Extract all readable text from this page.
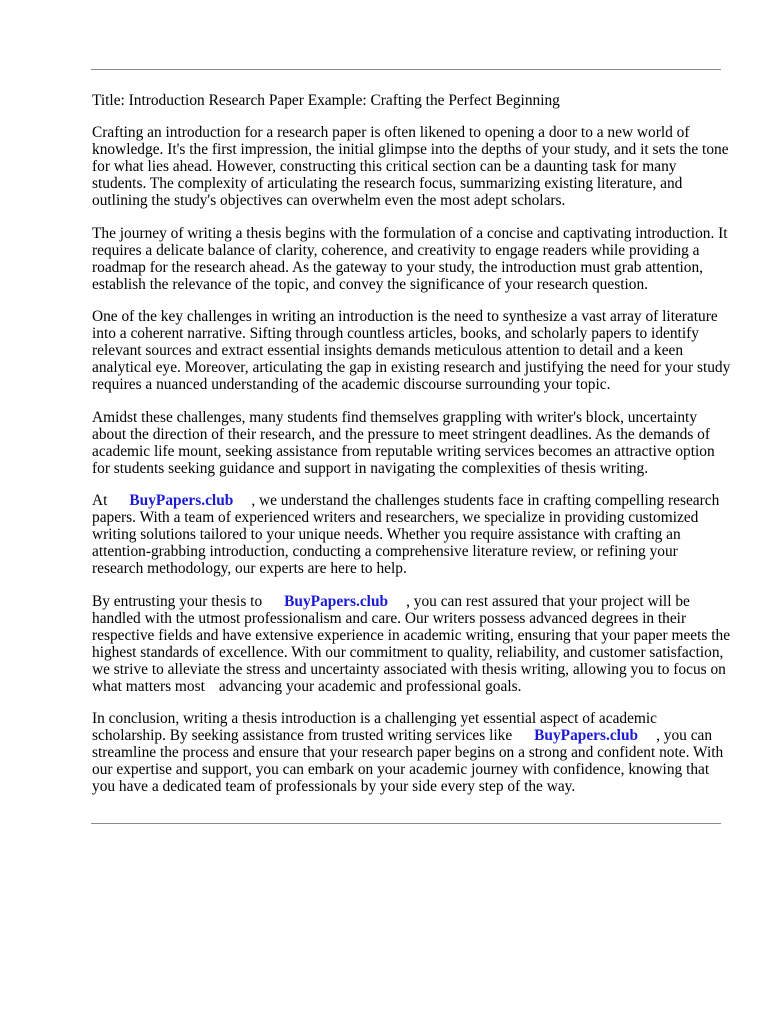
Title: Introduction Research Paper Example: Crafting the Perfect Beginning

Crafting an introduction for a research paper is often likened to opening a door to a new world of knowledge. It's the first impression, the initial glimpse into the depths of your study, and it sets the tone for what lies ahead. However, constructing this critical section can be a daunting task for many students. The complexity of articulating the research focus, summarizing existing literature, and outlining the study's objectives can overwhelm even the most adept scholars.

The journey of writing a thesis begins with the formulation of a concise and captivating introduction. It requires a delicate balance of clarity, coherence, and creativity to engage readers while providing a roadmap for the research ahead. As the gateway to your study, the introduction must grab attention, establish the relevance of the topic, and convey the significance of your research question.

One of the key challenges in writing an introduction is the need to synthesize a vast array of literature into a coherent narrative. Sifting through countless articles, books, and scholarly papers to identify relevant sources and extract essential insights demands meticulous attention to detail and a keen analytical eye. Moreover, articulating the gap in existing research and justifying the need for your study requires a nuanced understanding of the academic discourse surrounding your topic.

Amidst these challenges, many students find themselves grappling with writer's block, uncertainty about the direction of their research, and the pressure to meet stringent deadlines. As the demands of academic life mount, seeking assistance from reputable writing services becomes an attractive option for students seeking guidance and support in navigating the complexities of thesis writing.

At BuyPapers.club , we understand the challenges students face in crafting compelling research papers. With a team of experienced writers and researchers, we specialize in providing customized writing solutions tailored to your unique needs. Whether you require assistance with crafting an attention-grabbing introduction, conducting a comprehensive literature review, or refining your research methodology, our experts are here to help.

By entrusting your thesis to BuyPapers.club , you can rest assured that your project will be handled with the utmost professionalism and care. Our writers possess advanced degrees in their respective fields and have extensive experience in academic writing, ensuring that your paper meets the highest standards of excellence. With our commitment to quality, reliability, and customer satisfaction, we strive to alleviate the stress and uncertainty associated with thesis writing, allowing you to focus on what matters most advancing your academic and professional goals.

In conclusion, writing a thesis introduction is a challenging yet essential aspect of academic scholarship. By seeking assistance from trusted writing services like BuyPapers.club , you can streamline the process and ensure that your research paper begins on a strong and confident note. With our expertise and support, you can embark on your academic journey with confidence, knowing that you have a dedicated team of professionals by your side every step of the way.
